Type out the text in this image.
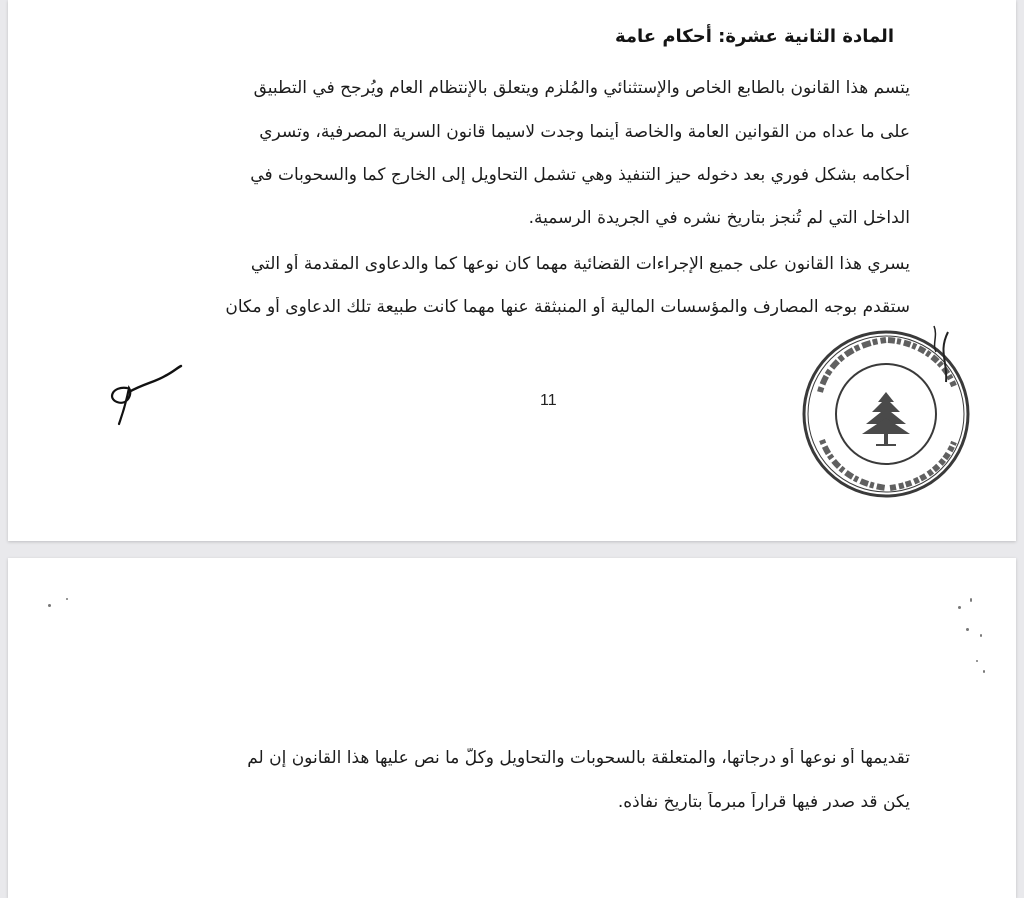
المادة الثانية عشرة: أحكام عامة
يتسم هذا القانون بالطابع الخاص والإستثنائي والمُلزم ويتعلق بالإنتظام العام ويُرجح في التطبيق
على ما عداه من القوانين العامة والخاصة أينما وجدت لاسيما قانون السرية المصرفية، وتسري
أحكامه بشكل فوري بعد دخوله حيز التنفيذ وهي تشمل التحاويل إلى الخارج كما والسحوبات في
الداخل التي لم تُنجز بتاريخ نشره في الجريدة الرسمية.
يسري هذا القانون على جميع الإجراءات القضائية مهما كان نوعها كما والدعاوى المقدمة أو التي
ستقدم بوجه المصارف والمؤسسات المالية أو المنبثقة عنها مهما كانت طبيعة تلك الدعاوى أو مكان
11
تقديمها أو نوعها أو درجاتها، والمتعلقة بالسحوبات والتحاويل وكلّ ما نص عليها هذا القانون إن لم
يكن قد صدر فيها قراراً مبرماً بتاريخ نفاذه.
